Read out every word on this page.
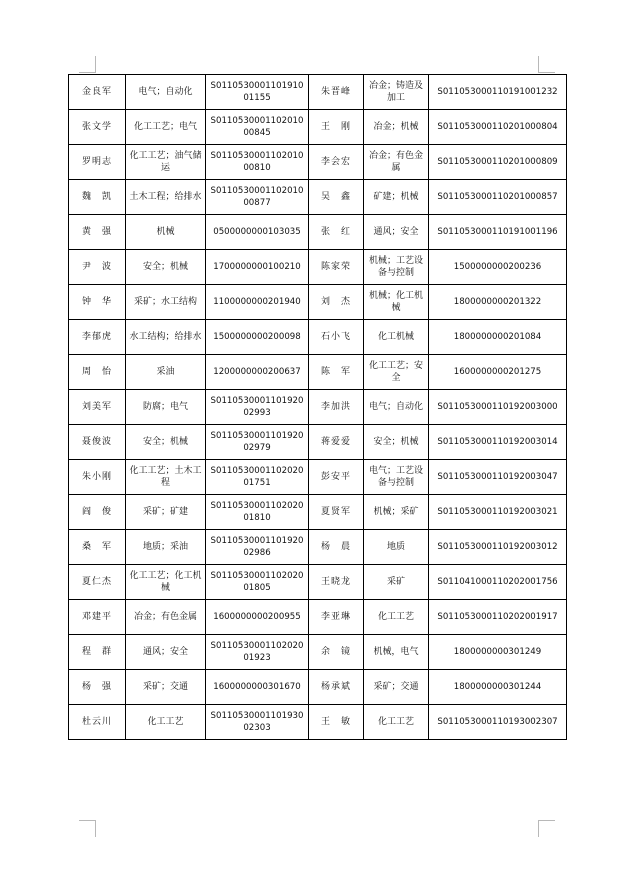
金良军	电气；自动化	S011053000110191001155	朱晋峰	冶金；铸造及加工	S011053000110191001232
张文学	化工工艺；电气	S011053000110201000845	王　刚	冶金；机械	S011053000110201000804
罗明志	化工工艺；油气储运	S011053000110201000810	李会宏	冶金；有色金属	S011053000110201000809
魏　凯	土木工程；给排水	S011053000110201000877	吴　鑫	矿建；机械	S011053000110201000857
黄　强	机械	0500000000103035	张　红	通风；安全	S011053000110191001196
尹　波	安全；机械	1700000000100210	陈家荣	机械；工艺设备与控制	1500000000200236
钟　华	采矿；水工结构	1100000000201940	刘　杰	机械；化工机械	1800000000201322
李郁虎	水工结构；给排水	1500000000200098	石小飞	化工机械	1800000000201084
周　怡	采油	1200000000200637	陈　军	化工工艺；安全	1600000000201275
刘美军	防腐；电气	S011053000110192002993	李加洪	电气；自动化	S011053000110192003000
聂俊波	安全；机械	S011053000110192002979	蒋爱爱	安全；机械	S011053000110192003014
朱小刚	化工工艺；土木工程	S011053000110202001751	彭安平	电气；工艺设备与控制	S011053000110192003047
阎　俊	采矿；矿建	S011053000110202001810	夏贤军	机械；采矿	S011053000110192003021
桑　军	地质；采油	S011053000110192002986	杨　晨	地质	S011053000110192003012
夏仁杰	化工工艺；化工机械	S011053000110202001805	王晓龙	采矿	S011041000110202001756
邓建平	冶金；有色金属	1600000000200955	李亚琳	化工工艺	S011053000110202001917
程　群	通风；安全	S011053000110202001923	余　镜	机械，电气	1800000000301249
杨　强	采矿；交通	1600000000301670	杨承斌	采矿；交通	1800000000301244
杜云川	化工工艺	S011053000110193002303	王　敏	化工工艺	S011053000110193002307
